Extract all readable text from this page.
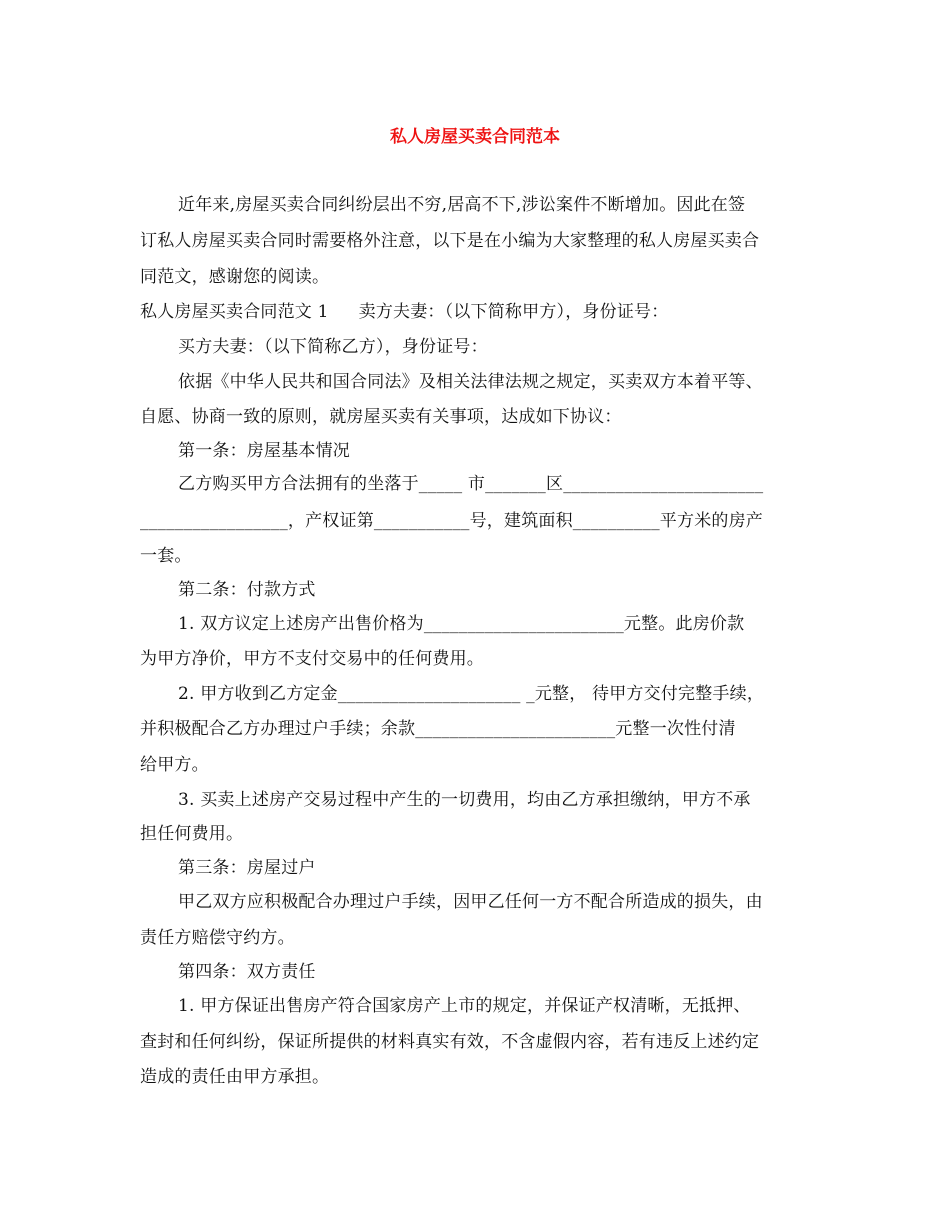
私人房屋买卖合同范本
近年来,房屋买卖合同纠纷层出不穷,居高不下,涉讼案件不断增加。因此在签
订私人房屋买卖合同时需要格外注意，以下是在小编为大家整理的私人房屋买卖合
同范文，感谢您的阅读。
私人房屋买卖合同范文 1 卖方夫妻：（以下简称甲方），身份证号：
买方夫妻：（以下简称乙方），身份证号：
依据《中华人民共和国合同法》及相关法律法规之规定，买卖双方本着平等、
自愿、协商一致的原则，就房屋买卖有关事项，达成如下协议：
第一条：房屋基本情况
乙方购买甲方合法拥有的坐落于_____ 市_______区_______________________
_________________，产权证第___________号，建筑面积__________平方米的房产
一套。
第二条：付款方式
1. 双方议定上述房产出售价格为_______________________元整。此房价款
为甲方净价，甲方不支付交易中的任何费用。
2. 甲方收到乙方定金_____________________ _元整， 待甲方交付完整手续，
并积极配合乙方办理过户手续；余款_______________________元整一次性付清
给甲方。
3. 买卖上述房产交易过程中产生的一切费用，均由乙方承担缴纳，甲方不承
担任何费用。
第三条：房屋过户
甲乙双方应积极配合办理过户手续，因甲乙任何一方不配合所造成的损失，由
责任方赔偿守约方。
第四条：双方责任
1. 甲方保证出售房产符合国家房产上市的规定，并保证产权清晰，无抵押、
查封和任何纠纷，保证所提供的材料真实有效，不含虚假内容，若有违反上述约定
造成的责任由甲方承担。
